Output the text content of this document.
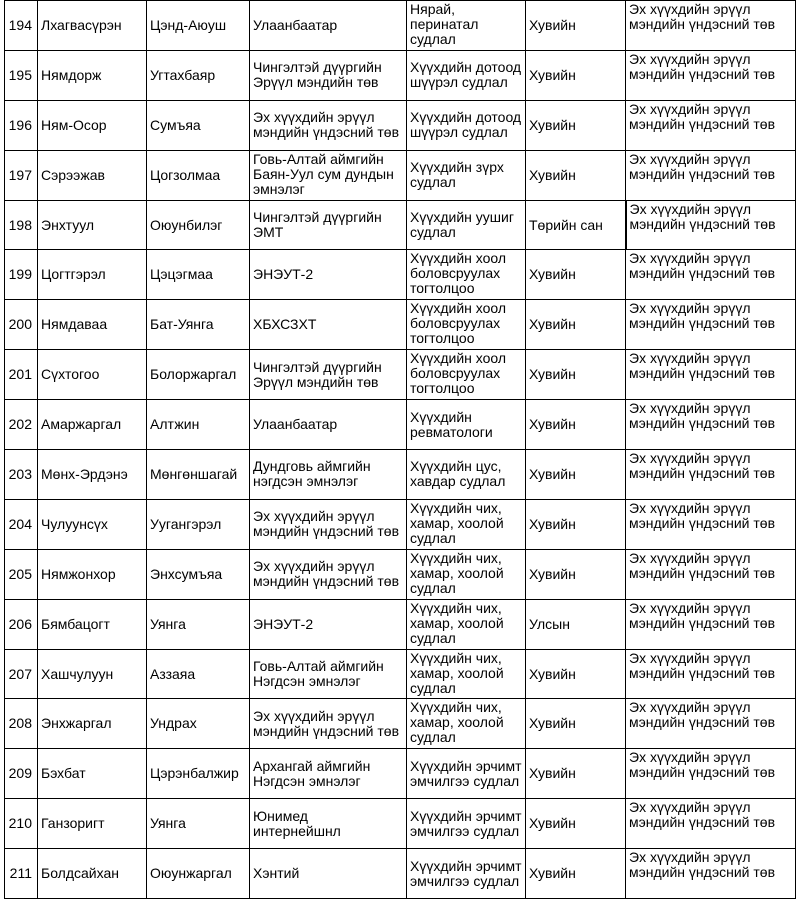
194	Лхагвасүрэн	Цэнд-Аюуш	Улаанбаатар	Нярай,
перинатал
судлал	Хувийн	Эх хүүхдийн эрүүл
мэндийн үндэсний төв
195	Нямдорж	Угтахбаяр	Чингэлтэй дүүргийн
Эрүүл мэндийн төв	Хүүхдийн дотоод
шүүрэл судлал	Хувийн	Эх хүүхдийн эрүүл
мэндийн үндэсний төв
196	Ням-Осор	Сумъяа	Эх хүүхдийн эрүүл
мэндийн үндэсний төв	Хүүхдийн дотоод
шүүрэл судлал	Хувийн	Эх хүүхдийн эрүүл
мэндийн үндэсний төв
197	Сэрээжав	Цогзолмаа	Говь-Алтай аймгийн
Баян-Уул сум дундын
эмнэлэг	Хүүхдийн зүрх
судлал	Хувийн	Эх хүүхдийн эрүүл
мэндийн үндэсний төв
198	Энхтуул	Оюунбилэг	Чингэлтэй дүүргийн
ЭМТ	Хүүхдийн уушиг
судлал	Төрийн сан	Эх хүүхдийн эрүүл
мэндийн үндэсний төв
199	Цогтгэрэл	Цэцэгмаа	ЭНЭУТ-2	Хүүхдийн хоол
боловсруулах
тогтолцоо	Хувийн	Эх хүүхдийн эрүүл
мэндийн үндэсний төв
200	Нямдаваа	Бат-Уянга	ХБХСЗХТ	Хүүхдийн хоол
боловсруулах
тогтолцоо	Хувийн	Эх хүүхдийн эрүүл
мэндийн үндэсний төв
201	Сүхтогоо	Болоржаргал	Чингэлтэй дүүргийн
Эрүүл мэндийн төв	Хүүхдийн хоол
боловсруулах
тогтолцоо	Хувийн	Эх хүүхдийн эрүүл
мэндийн үндэсний төв
202	Амаржаргал	Алтжин	Улаанбаатар	Хүүхдийн
ревматологи	Хувийн	Эх хүүхдийн эрүүл
мэндийн үндэсний төв
203	Мөнх-Эрдэнэ	Мөнгөншагай	Дундговь аймгийн
нэгдсэн эмнэлэг	Хүүхдийн цус,
хавдар судлал	Хувийн	Эх хүүхдийн эрүүл
мэндийн үндэсний төв
204	Чулуунсүх	Уугангэрэл	Эх хүүхдийн эрүүл
мэндийн үндэсний төв	Хүүхдийн чих,
хамар, хоолой
судлал	Хувийн	Эх хүүхдийн эрүүл
мэндийн үндэсний төв
205	Нямжонхор	Энхсумъяа	Эх хүүхдийн эрүүл
мэндийн үндэсний төв	Хүүхдийн чих,
хамар, хоолой
судлал	Хувийн	Эх хүүхдийн эрүүл
мэндийн үндэсний төв
206	Бямбацогт	Уянга	ЭНЭУТ-2	Хүүхдийн чих,
хамар, хоолой
судлал	Улсын	Эх хүүхдийн эрүүл
мэндийн үндэсний төв
207	Хашчулуун	Аззаяа	Говь-Алтай аймгийн
Нэгдсэн эмнэлэг	Хүүхдийн чих,
хамар, хоолой
судлал	Хувийн	Эх хүүхдийн эрүүл
мэндийн үндэсний төв
208	Энхжаргал	Ундрах	Эх хүүхдийн эрүүл
мэндийн үндэсний төв	Хүүхдийн чих,
хамар, хоолой
судлал	Хувийн	Эх хүүхдийн эрүүл
мэндийн үндэсний төв
209	Бэхбат	Цэрэнбалжир	Архангай аймгийн
Нэгдсэн эмнэлэг	Хүүхдийн эрчимт
эмчилгээ судлал	Хувийн	Эх хүүхдийн эрүүл
мэндийн үндэсний төв
210	Ганзоригт	Уянга	Юнимед
интернейшнл	Хүүхдийн эрчимт
эмчилгээ судлал	Хувийн	Эх хүүхдийн эрүүл
мэндийн үндэсний төв
211	Болдсайхан	Оюунжаргал	Хэнтий	Хүүхдийн эрчимт
эмчилгээ судлал	Хувийн	Эх хүүхдийн эрүүл
мэндийн үндэсний төв
